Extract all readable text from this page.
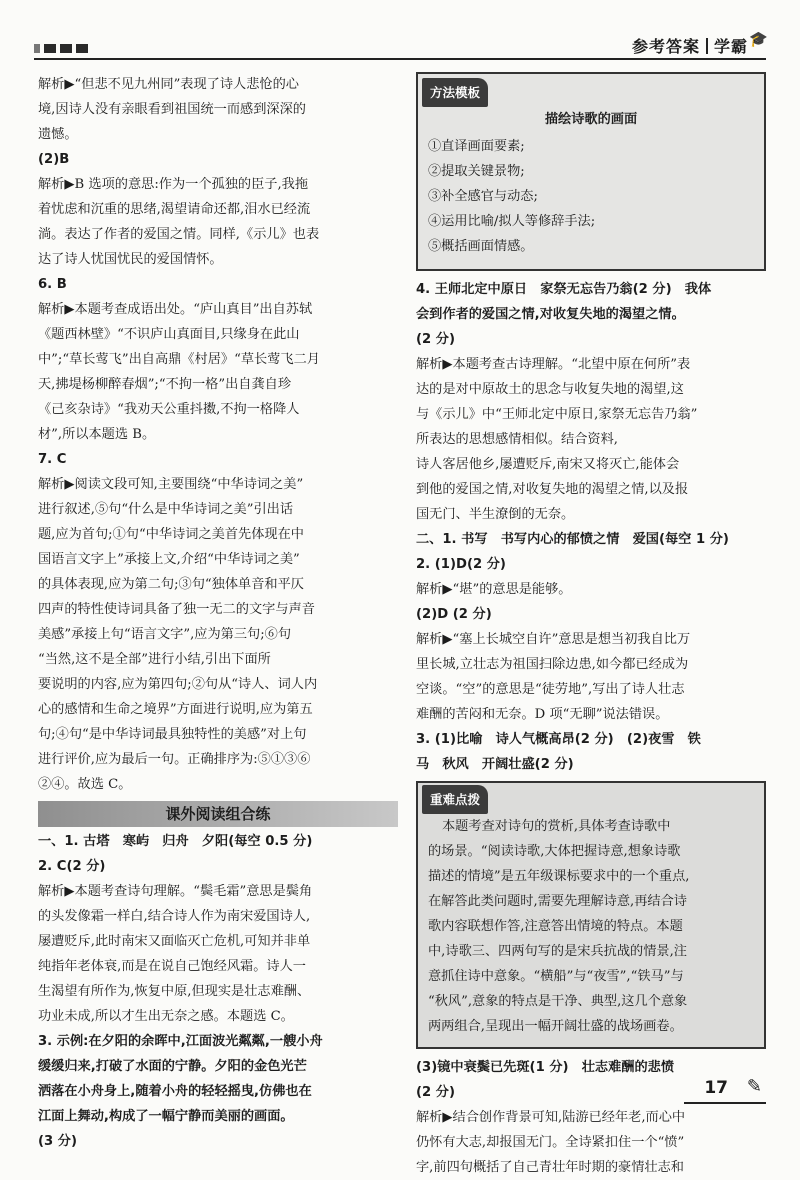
参考答案 学霸 🎓

解析▶“但悲不见九州同”表现了诗人悲怆的心

境,因诗人没有亲眼看到祖国统一而感到深深的

遗憾。

(2)B

解析▶B 选项的意思:作为一个孤独的臣子,我拖

着忧虑和沉重的思绪,渴望请命还都,泪水已经流

淌。表达了作者的爱国之情。同样,《示儿》也表

达了诗人忧国忧民的爱国情怀。

6. B

解析▶本题考查成语出处。“庐山真目”出自苏轼

《题西林壁》“不识庐山真面目,只缘身在此山

中”;“草长莺飞”出自高鼎《村居》“草长莺飞二月

天,拂堤杨柳醉春烟”;“不拘一格”出自龚自珍

《己亥杂诗》“我劝天公重抖擞,不拘一格降人

材”,所以本题选 B。

7. C

解析▶阅读文段可知,主要围绕“中华诗词之美”

进行叙述,⑤句“什么是中华诗词之美”引出话

题,应为首句;①句“中华诗词之美首先体现在中

国语言文字上”承接上文,介绍“中华诗词之美”

的具体表现,应为第二句;③句“独体单音和平仄

四声的特性使诗词具备了独一无二的文字与声音

美感”承接上句“语言文字”,应为第三句;⑥句

“当然,这不是全部”进行小结,引出下面所

要说明的内容,应为第四句;②句从“诗人、词人内

心的感情和生命之境界”方面进行说明,应为第五

句;④句“是中华诗词最具独特性的美感”对上句

进行评价,应为最后一句。正确排序为:⑤①③⑥

②④。故选 C。

课外阅读组合练

一、1. 古塔　寒屿　归舟　夕阳(每空 0.5 分)

2. C(2 分)

解析▶本题考查诗句理解。“鬓毛霜”意思是鬓角

的头发像霜一样白,结合诗人作为南宋爱国诗人,

屡遭贬斥,此时南宋又面临灭亡危机,可知并非单

纯指年老体衰,而是在说自己饱经风霜。诗人一

生渴望有所作为,恢复中原,但现实是壮志难酬、

功业未成,所以才生出无奈之感。本题选 C。

3. 示例:在夕阳的余晖中,江面波光粼粼,一艘小舟

缓缓归来,打破了水面的宁静。夕阳的金色光芒

洒落在小舟身上,随着小舟的轻轻摇曳,仿佛也在

江面上舞动,构成了一幅宁静而美丽的画面。

(3 分)

方法模板

描绘诗歌的画面

①直译画面要素;

②提取关键景物;

③补全感官与动态;

④运用比喻/拟人等修辞手法;

⑤概括画面情感。

4. 王师北定中原日　家祭无忘告乃翁(2 分)　我体

会到作者的爱国之情,对收复失地的渴望之情。

(2 分)

解析▶本题考查古诗理解。“北望中原在何所”表

达的是对中原故土的思念与收复失地的渴望,这

与《示儿》中“王师北定中原日,家祭无忘告乃翁”

所表达的思想感情相似。结合资料,

诗人客居他乡,屡遭贬斥,南宋又将灭亡,能体会

到他的爱国之情,对收复失地的渴望之情,以及报

国无门、半生潦倒的无奈。

二、1. 书写　书写内心的郁愤之情　爱国(每空 1 分)

2. (1)D(2 分)

解析▶“堪”的意思是能够。

(2)D (2 分)

解析▶“塞上长城空自许”意思是想当初我自比万

里长城,立壮志为祖国扫除边患,如今都已经成为

空谈。“空”的意思是“徒劳地”,写出了诗人壮志

难酬的苦闷和无奈。D 项“无聊”说法错误。

3. (1)比喻　诗人气概高昂(2 分)　(2)夜雪　铁

马　秋风　开阔壮盛(2 分)

重难点拨

本题考查对诗句的赏析,具体考查诗歌中

的场景。“阅读诗歌,大体把握诗意,想象诗歌

描述的情境”是五年级课标要求中的一个重点,

在解答此类问题时,需要先理解诗意,再结合诗

歌内容联想作答,注意答出情境的特点。本题

中,诗歌三、四两句写的是宋兵抗战的情景,注

意抓住诗中意象。“横船”与“夜雪”,“铁马”与

“秋风”,意象的特点是干净、典型,这几个意象

两两组合,呈现出一幅开阔壮盛的战场画卷。

(3)镜中衰鬓已先斑(1 分)　壮志难酬的悲愤

(2 分)

解析▶结合创作背景可知,陆游已经年老,而心中

仍怀有大志,却报国无门。全诗紧扣住一个“愤”

字,前四句概括了自己青壮年时期的豪情壮志和

17 ✎
